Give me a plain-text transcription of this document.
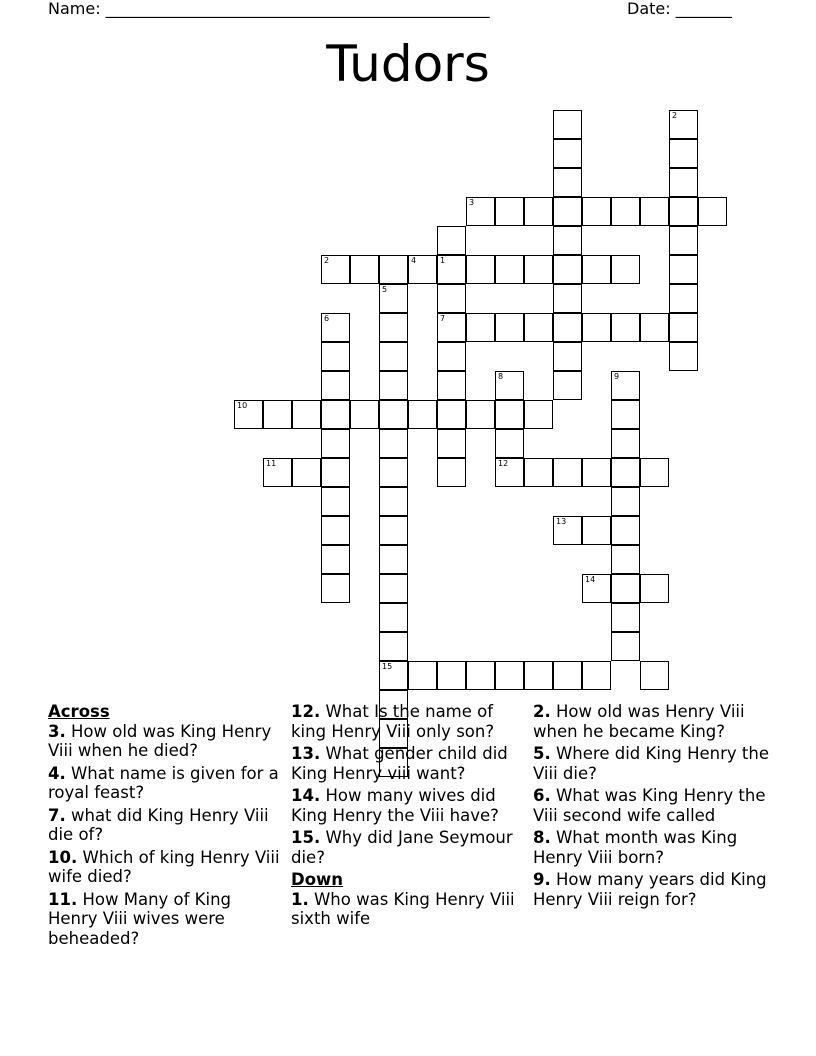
Name: ________________________________________________	Date: _______
Tudors
1
7
2	4
2
3
5
15
6
8	9
10
11	12
13
14
Across
3. How old was King Henry Viii when he died?
4. What name is given for a royal feast?
7. what did King Henry Viii die of?
10. Which of king Henry Viii wife died?
11. How Many of King Henry Viii wives were beheaded?
12. What Is the name of king Henry Viii only son?
13. What gender child did King Henry viii want?
14. How many wives did King Henry the Viii have?
15. Why did Jane Seymour die?
Down
1. Who was King Henry Viii sixth wife
2. How old was Henry Viii when he became King?
5. Where did King Henry the Viii die?
6. What was King Henry the Viii second wife called
8. What month was King Henry Viii born?
9. How many years did King Henry Viii reign for?
